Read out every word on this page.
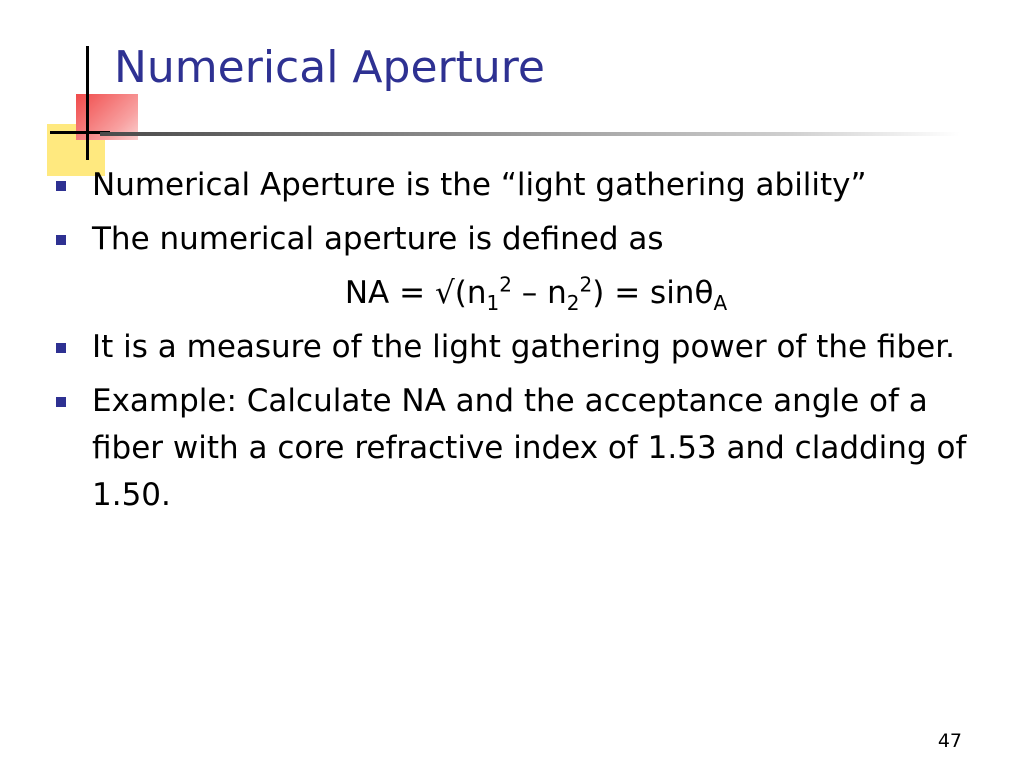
Numerical Aperture
Numerical Aperture is the “light gathering ability”
The numerical aperture is defined as
NA = $√(n_1^2 - n_2^2) = \sin\theta_A$
It is a measure of the light gathering power of the fiber.
Example: Calculate NA and the acceptance angle of a fiber with a core refractive index of 1.53 and cladding of 1.50.
47
